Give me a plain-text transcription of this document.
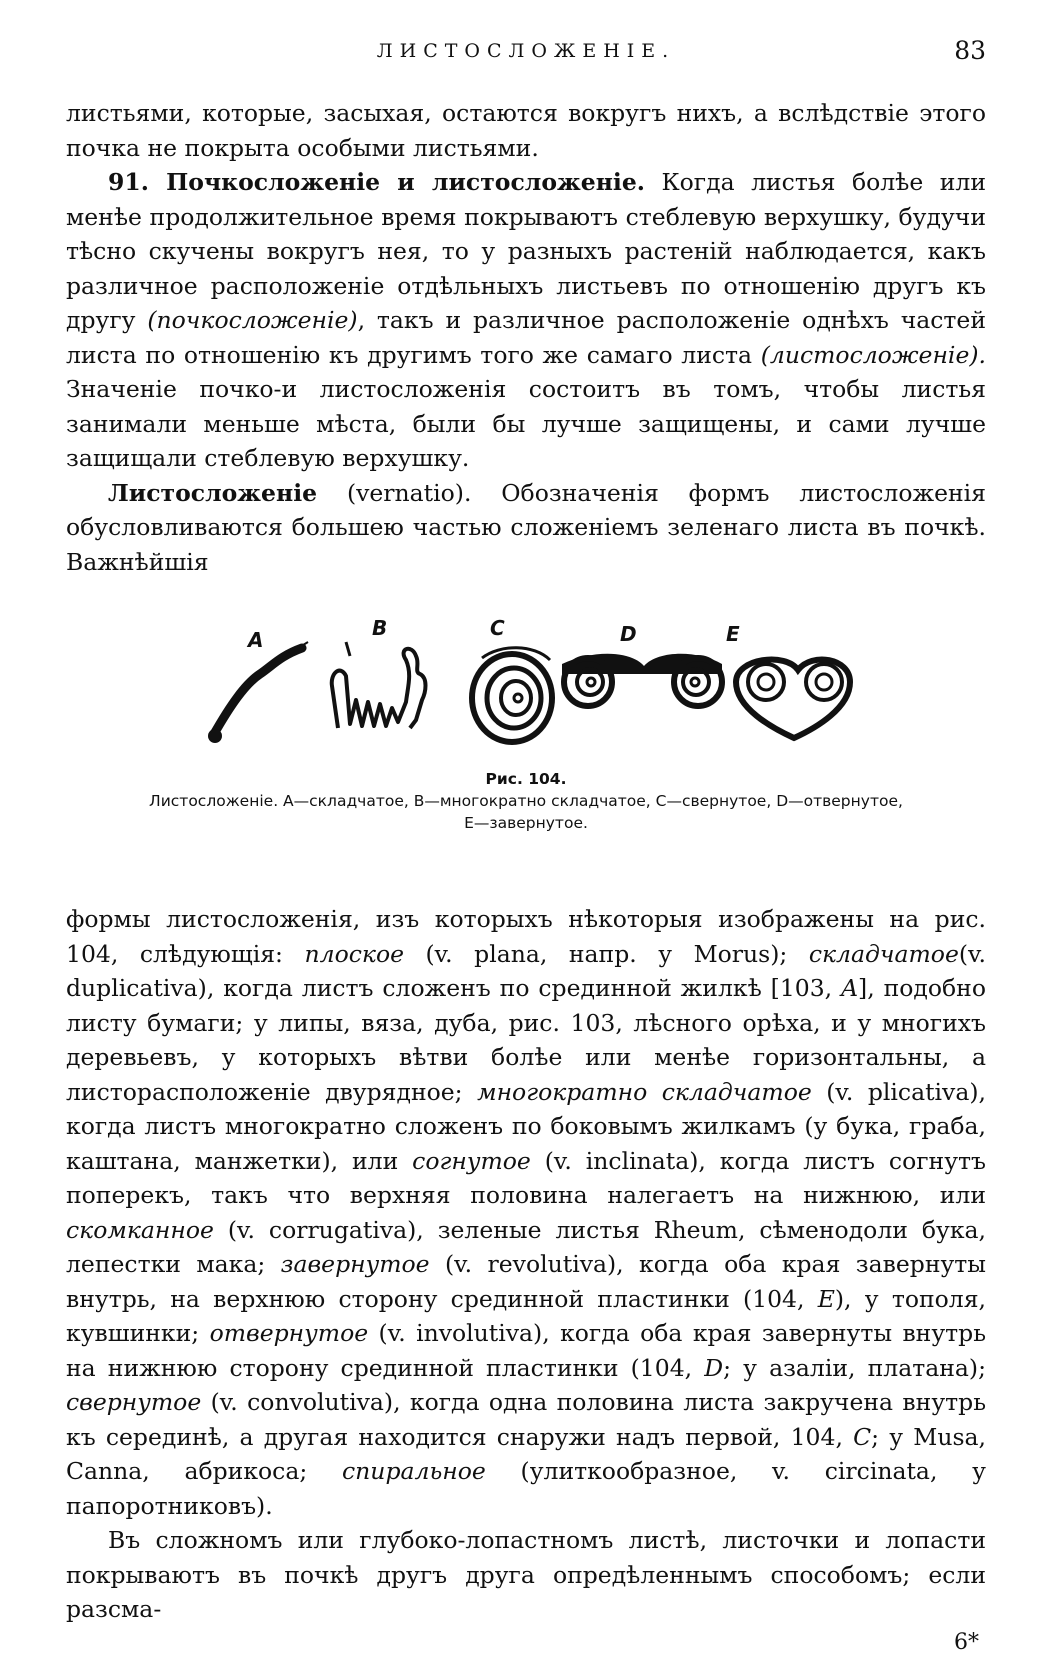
ЛИСТОСЛОЖЕНІЕ.	83

листьями, которые, засыхая, остаются вокругъ нихъ, а вслѣдствіе этого почка не покрыта особыми листьями.

91. Почкосложеніе и листосложеніе. Когда листья болѣе или менѣе продолжительное время покрываютъ стеблевую верхушку, будучи тѣсно скучены вокругъ нея, то у разныхъ растеній наблюдается, какъ различное расположеніе отдѣльныхъ листьевъ по отношенію другъ къ другу (почкосложеніе), такъ и различное расположеніе однѣхъ частей листа по отношенію къ другимъ того же самаго листа (листосложеніе). Значеніе почко-и листосложенія состоитъ въ томъ, чтобы листья занимали меньше мѣста, были бы лучше защищены, и сами лучше защищали стеблевую верхушку.

Листосложеніе (vernatio). Обозначенія формъ листосложенія обусловливаются большею частью сложеніемъ зеленаго листа въ почкѣ. Важнѣйшія

A	B	C	D	E
Рис. 104.
Листосложеніе. A—складчатое, B—многократно складчатое, C—свернутое, D—отвернутое,
E—завернутое.

формы листосложенія, изъ которыхъ нѣкоторыя изображены на рис. 104, слѣдующія: плоское (v. plana, напр. у Morus); складчатое(v. duplicativa), когда листъ сложенъ по срединной жилкѣ [103, A], подобно листу бумаги; у липы, вяза, дуба, рис. 103, лѣсного орѣха, и у многихъ деревьевъ, у которыхъ вѣтви болѣе или менѣе горизонтальны, а листорасположеніе двурядное; многократно складчатое (v. plicativa), когда листъ многократно сложенъ по боковымъ жилкамъ (у бука, граба, каштана, манжетки), или согнутое (v. inclinata), когда листъ согнутъ поперекъ, такъ что верхняя половина налегаетъ на нижнюю, или скомканное (v. corrugativa), зеленые листья Rheum, сѣменодоли бука, лепестки мака; завернутое (v. revolutiva), когда оба края завернуты внутрь, на верхнюю сторону срединной пластинки (104, E), у тополя, кувшинки; отвернутое (v. involutiva), когда оба края завернуты внутрь на нижнюю сторону срединной пластинки (104, D; у азаліи, платана); свернутое (v. convolutiva), когда одна половина листа закручена внутрь къ серединѣ, а другая находится снаружи надъ первой, 104, C; у Musa, Canna, абрикоса; спиральное (улиткообразное, v. circinata, у папоротниковъ).

Въ сложномъ или глубоко-лопастномъ листѣ, листочки и лопасти покрываютъ въ почкѣ другъ друга опредѣленнымъ способомъ; если разсма-

6*
